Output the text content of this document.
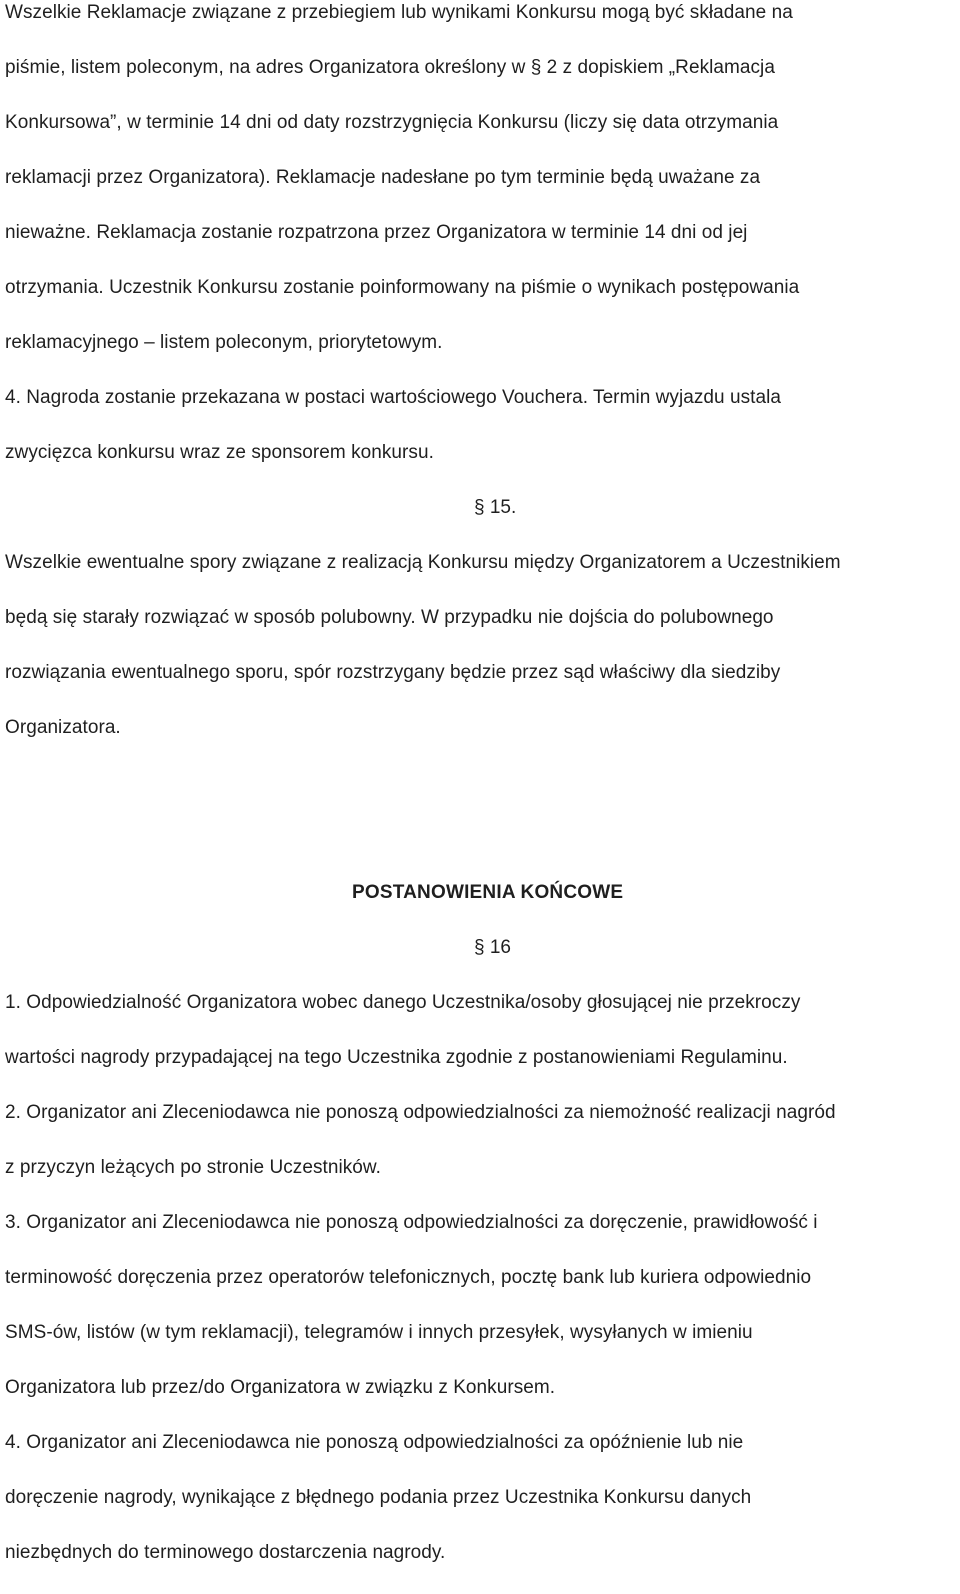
Wszelkie Reklamacje związane z przebiegiem lub wynikami Konkursu mogą być składane na
piśmie, listem poleconym, na adres Organizatora określony w § 2 z dopiskiem „Reklamacja
Konkursowa”, w terminie 14 dni od daty rozstrzygnięcia Konkursu (liczy się data otrzymania
reklamacji przez Organizatora). Reklamacje nadesłane po tym terminie będą uważane za
nieważne. Reklamacja zostanie rozpatrzona przez Organizatora w terminie 14 dni od jej
otrzymania. Uczestnik Konkursu zostanie poinformowany na piśmie o wynikach postępowania
reklamacyjnego – listem poleconym, priorytetowym.
4. Nagroda zostanie przekazana w postaci wartościowego Vouchera. Termin wyjazdu ustala
zwycięzca konkursu wraz ze sponsorem konkursu.
§ 15.
Wszelkie ewentualne spory związane z realizacją Konkursu między Organizatorem a Uczestnikiem
będą się starały rozwiązać w sposób polubowny. W przypadku nie dojścia do polubownego
rozwiązania ewentualnego sporu, spór rozstrzygany będzie przez sąd właściwy dla siedziby
Organizatora.
POSTANOWIENIA KOŃCOWE
§ 16
1. Odpowiedzialność Organizatora wobec danego Uczestnika/osoby głosującej nie przekroczy
wartości nagrody przypadającej na tego Uczestnika zgodnie z postanowieniami Regulaminu.
2. Organizator ani Zleceniodawca nie ponoszą odpowiedzialności za niemożność realizacji nagród
z przyczyn leżących po stronie Uczestników.
3. Organizator ani Zleceniodawca nie ponoszą odpowiedzialności za doręczenie, prawidłowość i
terminowość doręczenia przez operatorów telefonicznych, pocztę bank lub kuriera odpowiednio
SMS-ów, listów (w tym reklamacji), telegramów i innych przesyłek, wysyłanych w imieniu
Organizatora lub przez/do Organizatora w związku z Konkursem.
4. Organizator ani Zleceniodawca nie ponoszą odpowiedzialności za opóźnienie lub nie
doręczenie nagrody, wynikające z błędnego podania przez Uczestnika Konkursu danych
niezbędnych do terminowego dostarczenia nagrody.
